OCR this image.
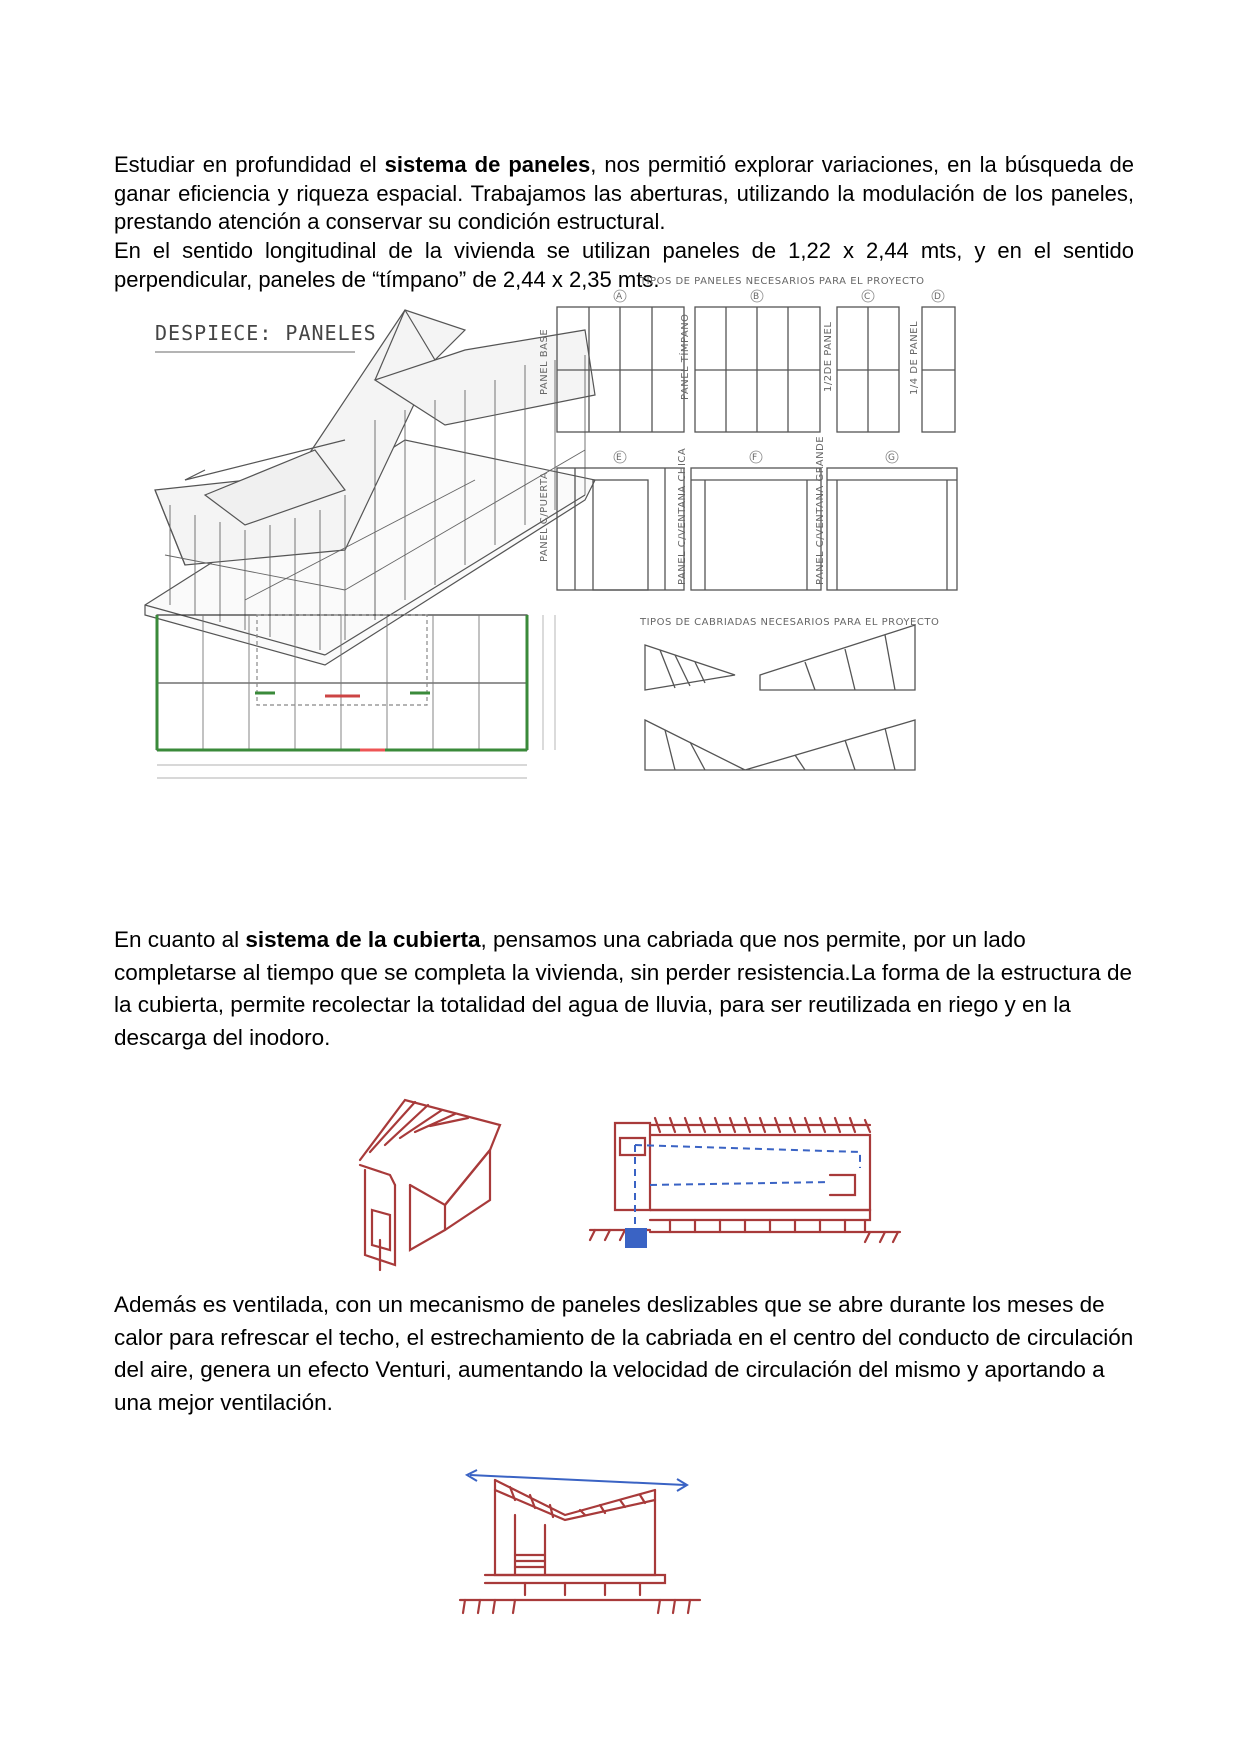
Estudiar en profundidad el sistema de paneles, nos permitió explorar variaciones, en la búsqueda de ganar eficiencia y riqueza espacial. Trabajamos las aberturas, utilizando la modulación de los paneles, prestando atención a conservar su condición estructural.
En el sentido longitudinal de la vivienda se utilizan paneles de 1,22 x 2,44 mts, y en el sentido perpendicular, paneles de “tímpano” de 2,44 x 2,35 mts.
DESPIECE: PANELES
TIPOS DE PANELES NECESARIOS PARA EL PROYECTO
TIPOS DE CABRIADAS NECESARIOS PARA EL PROYECTO
A	B	C	D
E	F	G
PANEL BASE	PANEL TÍMPANO	1/2DE PANEL	1/4 DE PANEL
PANEL C/PUERTA	PANEL C/VENTANA CHICA	PANEL C/VENTANA GRANDE
En cuanto al sistema de la cubierta, pensamos una cabriada que nos permite, por un lado completarse al tiempo que se completa la vivienda, sin perder resistencia.La forma de la estructura de la cubierta, permite recolectar la totalidad del agua de lluvia, para ser reutilizada en riego y en la descarga del inodoro.
Además es ventilada, con un mecanismo de paneles deslizables que se abre durante los meses de calor para refrescar el techo, el estrechamiento de la cabriada en el centro del conducto de circulación del aire, genera un efecto Venturi, aumentando la velocidad de circulación del mismo y aportando a una mejor ventilación.
